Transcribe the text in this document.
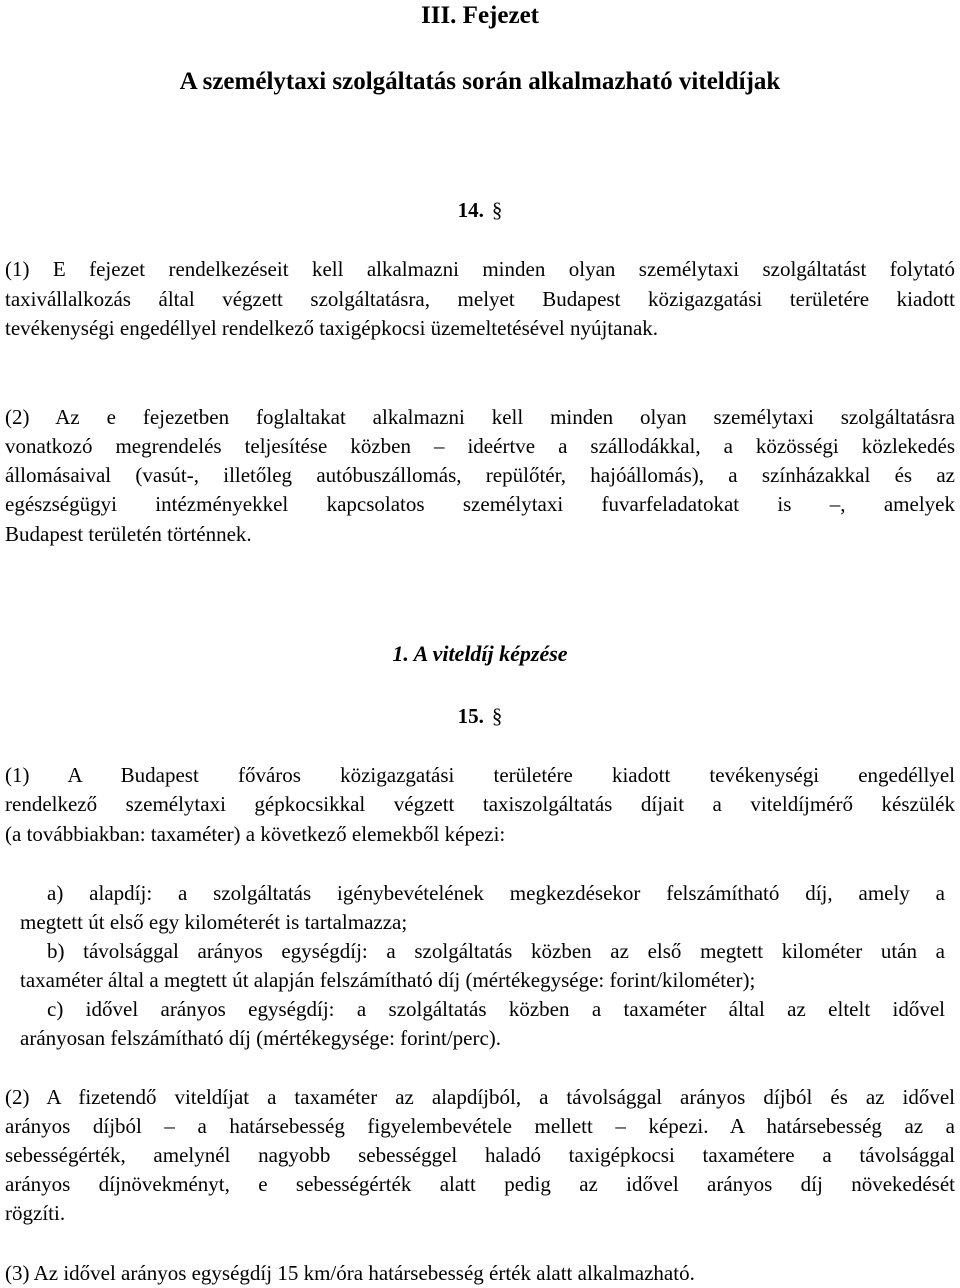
III. Fejezet
A személytaxi szolgáltatás során alkalmazható viteldíjak
14. §
(1) E fejezet rendelkezéseit kell alkalmazni minden olyan személytaxi szolgáltatást folytató
taxivállalkozás által végzett szolgáltatásra, melyet Budapest közigazgatási területére kiadott
tevékenységi engedéllyel rendelkező taxigépkocsi üzemeltetésével nyújtanak.
(2) Az e fejezetben foglaltakat alkalmazni kell minden olyan személytaxi szolgáltatásra
vonatkozó megrendelés teljesítése közben – ideértve a szállodákkal, a közösségi közlekedés
állomásaival (vasút-, illetőleg autóbuszállomás, repülőtér, hajóállomás), a színházakkal és az
egészségügyi intézményekkel kapcsolatos személytaxi fuvarfeladatokat is –, amelyek
Budapest területén történnek.
1. A viteldíj képzése
15. §
(1) A Budapest főváros közigazgatási területére kiadott tevékenységi engedéllyel
rendelkező személytaxi gépkocsikkal végzett taxiszolgáltatás díjait a viteldíjmérő készülék
(a továbbiakban: taxaméter) a következő elemekből képezi:
a) alapdíj: a szolgáltatás igénybevételének megkezdésekor felszámítható díj, amely a
megtett út első egy kilométerét is tartalmazza;
b) távolsággal arányos egységdíj: a szolgáltatás közben az első megtett kilométer után a
taxaméter által a megtett út alapján felszámítható díj (mértékegysége: forint/kilométer);
c) idővel arányos egységdíj: a szolgáltatás közben a taxaméter által az eltelt idővel
arányosan felszámítható díj (mértékegysége: forint/perc).
(2) A fizetendő viteldíjat a taxaméter az alapdíjból, a távolsággal arányos díjból és az idővel
arányos díjból – a határsebesség figyelembevétele mellett – képezi. A határsebesség az a
sebességérték, amelynél nagyobb sebességgel haladó taxigépkocsi taxamétere a távolsággal
arányos díjnövekményt, e sebességérték alatt pedig az idővel arányos díj növekedését
rögzíti.
(3) Az idővel arányos egységdíj 15 km/óra határsebesség érték alatt alkalmazható.
